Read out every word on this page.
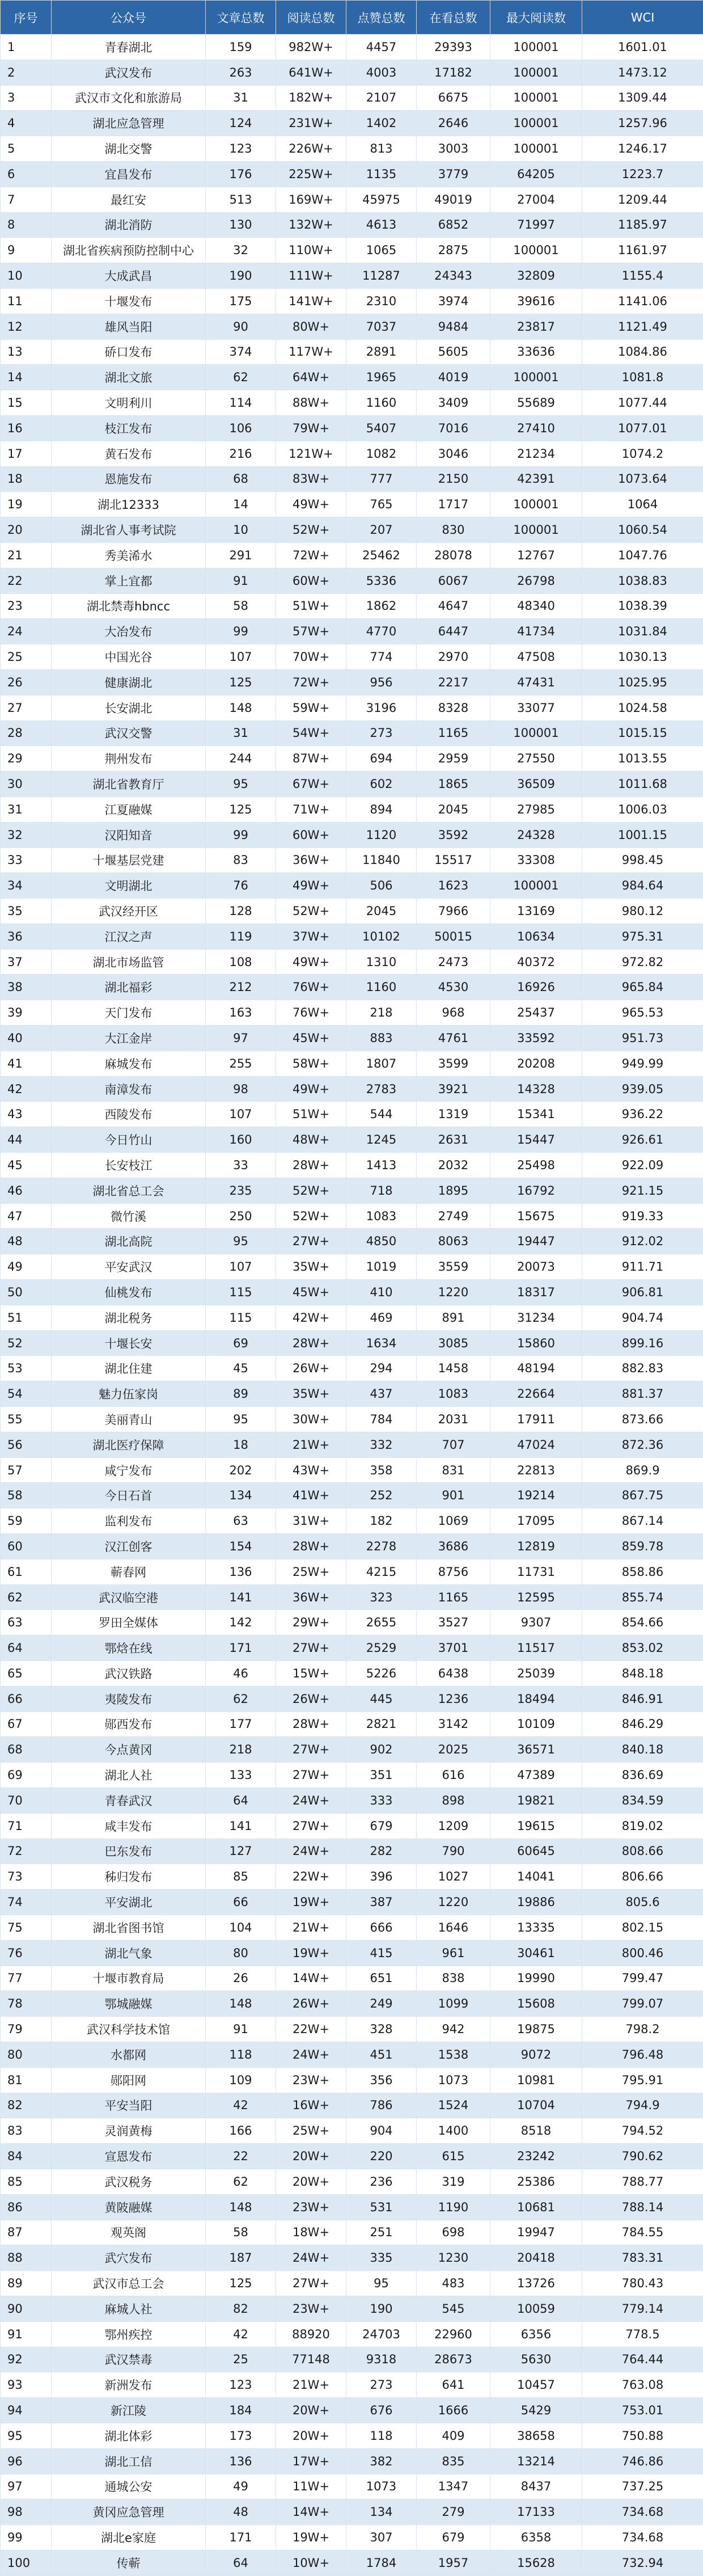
序号	公众号	文章总数	阅读总数	点赞总数	在看总数	最大阅读数	WCI
1	青春湖北	159	982W+	4457	29393	100001	1601.01
2	武汉发布	263	641W+	4003	17182	100001	1473.12
3	武汉市文化和旅游局	31	182W+	2107	6675	100001	1309.44
4	湖北应急管理	124	231W+	1402	2646	100001	1257.96
5	湖北交警	123	226W+	813	3003	100001	1246.17
6	宜昌发布	176	225W+	1135	3779	64205	1223.7
7	最红安	513	169W+	45975	49019	27004	1209.44
8	湖北消防	130	132W+	4613	6852	71997	1185.97
9	湖北省疾病预防控制中心	32	110W+	1065	2875	100001	1161.97
10	大成武昌	190	111W+	11287	24343	32809	1155.4
11	十堰发布	175	141W+	2310	3974	39616	1141.06
12	雄风当阳	90	80W+	7037	9484	23817	1121.49
13	硚口发布	374	117W+	2891	5605	33636	1084.86
14	湖北文旅	62	64W+	1965	4019	100001	1081.8
15	文明利川	114	88W+	1160	3409	55689	1077.44
16	枝江发布	106	79W+	5407	7016	27410	1077.01
17	黄石发布	216	121W+	1082	3046	21234	1074.2
18	恩施发布	68	83W+	777	2150	42391	1073.64
19	湖北12333	14	49W+	765	1717	100001	1064
20	湖北省人事考试院	10	52W+	207	830	100001	1060.54
21	秀美浠水	291	72W+	25462	28078	12767	1047.76
22	掌上宜都	91	60W+	5336	6067	26798	1038.83
23	湖北禁毒hbncc	58	51W+	1862	4647	48340	1038.39
24	大冶发布	99	57W+	4770	6447	41734	1031.84
25	中国光谷	107	70W+	774	2970	47508	1030.13
26	健康湖北	125	72W+	956	2217	47431	1025.95
27	长安湖北	148	59W+	3196	8328	33077	1024.58
28	武汉交警	31	54W+	273	1165	100001	1015.15
29	荆州发布	244	87W+	694	2959	27550	1013.55
30	湖北省教育厅	95	67W+	602	1865	36509	1011.68
31	江夏融媒	125	71W+	894	2045	27985	1006.03
32	汉阳知音	99	60W+	1120	3592	24328	1001.15
33	十堰基层党建	83	36W+	11840	15517	33308	998.45
34	文明湖北	76	49W+	506	1623	100001	984.64
35	武汉经开区	128	52W+	2045	7966	13169	980.12
36	江汉之声	119	37W+	10102	50015	10634	975.31
37	湖北市场监管	108	49W+	1310	2473	40372	972.82
38	湖北福彩	212	76W+	1160	4530	16926	965.84
39	天门发布	163	76W+	218	968	25437	965.53
40	大江金岸	97	45W+	883	4761	33592	951.73
41	麻城发布	255	58W+	1807	3599	20208	949.99
42	南漳发布	98	49W+	2783	3921	14328	939.05
43	西陵发布	107	51W+	544	1319	15341	936.22
44	今日竹山	160	48W+	1245	2631	15447	926.61
45	长安枝江	33	28W+	1413	2032	25498	922.09
46	湖北省总工会	235	52W+	718	1895	16792	921.15
47	微竹溪	250	52W+	1083	2749	15675	919.33
48	湖北高院	95	27W+	4850	8063	19447	912.02
49	平安武汉	107	35W+	1019	3559	20073	911.71
50	仙桃发布	115	45W+	410	1220	18317	906.81
51	湖北税务	115	42W+	469	891	31234	904.74
52	十堰长安	69	28W+	1634	3085	15860	899.16
53	湖北住建	45	26W+	294	1458	48194	882.83
54	魅力伍家岗	89	35W+	437	1083	22664	881.37
55	美丽青山	95	30W+	784	2031	17911	873.66
56	湖北医疗保障	18	21W+	332	707	47024	872.36
57	咸宁发布	202	43W+	358	831	22813	869.9
58	今日石首	134	41W+	252	901	19214	867.75
59	监利发布	63	31W+	182	1069	17095	867.14
60	汉江创客	154	28W+	2278	3686	12819	859.78
61	蕲春网	136	25W+	4215	8756	11731	858.86
62	武汉临空港	141	36W+	323	1165	12595	855.74
63	罗田全媒体	142	29W+	2655	3527	9307	854.66
64	鄂焓在线	171	27W+	2529	3701	11517	853.02
65	武汉铁路	46	15W+	5226	6438	25039	848.18
66	夷陵发布	62	26W+	445	1236	18494	846.91
67	郧西发布	177	28W+	2821	3142	10109	846.29
68	今点黄冈	218	27W+	902	2025	36571	840.18
69	湖北人社	133	27W+	351	616	47389	836.69
70	青春武汉	64	24W+	333	898	19821	834.59
71	咸丰发布	141	27W+	679	1209	19615	819.02
72	巴东发布	127	24W+	282	790	60645	808.66
73	秭归发布	85	22W+	396	1027	14041	806.66
74	平安湖北	66	19W+	387	1220	19886	805.6
75	湖北省图书馆	104	21W+	666	1646	13335	802.15
76	湖北气象	80	19W+	415	961	30461	800.46
77	十堰市教育局	26	14W+	651	838	19990	799.47
78	鄂城融媒	148	26W+	249	1099	15608	799.07
79	武汉科学技术馆	91	22W+	328	942	19875	798.2
80	水都网	118	24W+	451	1538	9072	796.48
81	郧阳网	109	23W+	356	1073	10981	795.91
82	平安当阳	42	16W+	786	1524	10704	794.9
83	灵润黄梅	166	25W+	904	1400	8518	794.52
84	宣恩发布	22	20W+	220	615	23242	790.62
85	武汉税务	62	20W+	236	319	25386	788.77
86	黄陂融媒	148	23W+	531	1190	10681	788.14
87	观英阁	58	18W+	251	698	19947	784.55
88	武穴发布	187	24W+	335	1230	20418	783.31
89	武汉市总工会	125	27W+	95	483	13726	780.43
90	麻城人社	82	23W+	190	545	10059	779.14
91	鄂州疾控	42	88920	24703	22960	6356	778.5
92	武汉禁毒	25	77148	9318	28673	5630	764.44
93	新洲发布	123	21W+	273	641	10457	763.08
94	新江陵	184	20W+	676	1666	5429	753.01
95	湖北体彩	173	20W+	118	409	38658	750.88
96	湖北工信	136	17W+	382	835	13214	746.86
97	通城公安	49	11W+	1073	1347	8437	737.25
98	黄冈应急管理	48	14W+	134	279	17133	734.68
99	湖北e家庭	171	19W+	307	679	6358	734.68
100	传蕲	64	10W+	1784	1957	15628	732.94
